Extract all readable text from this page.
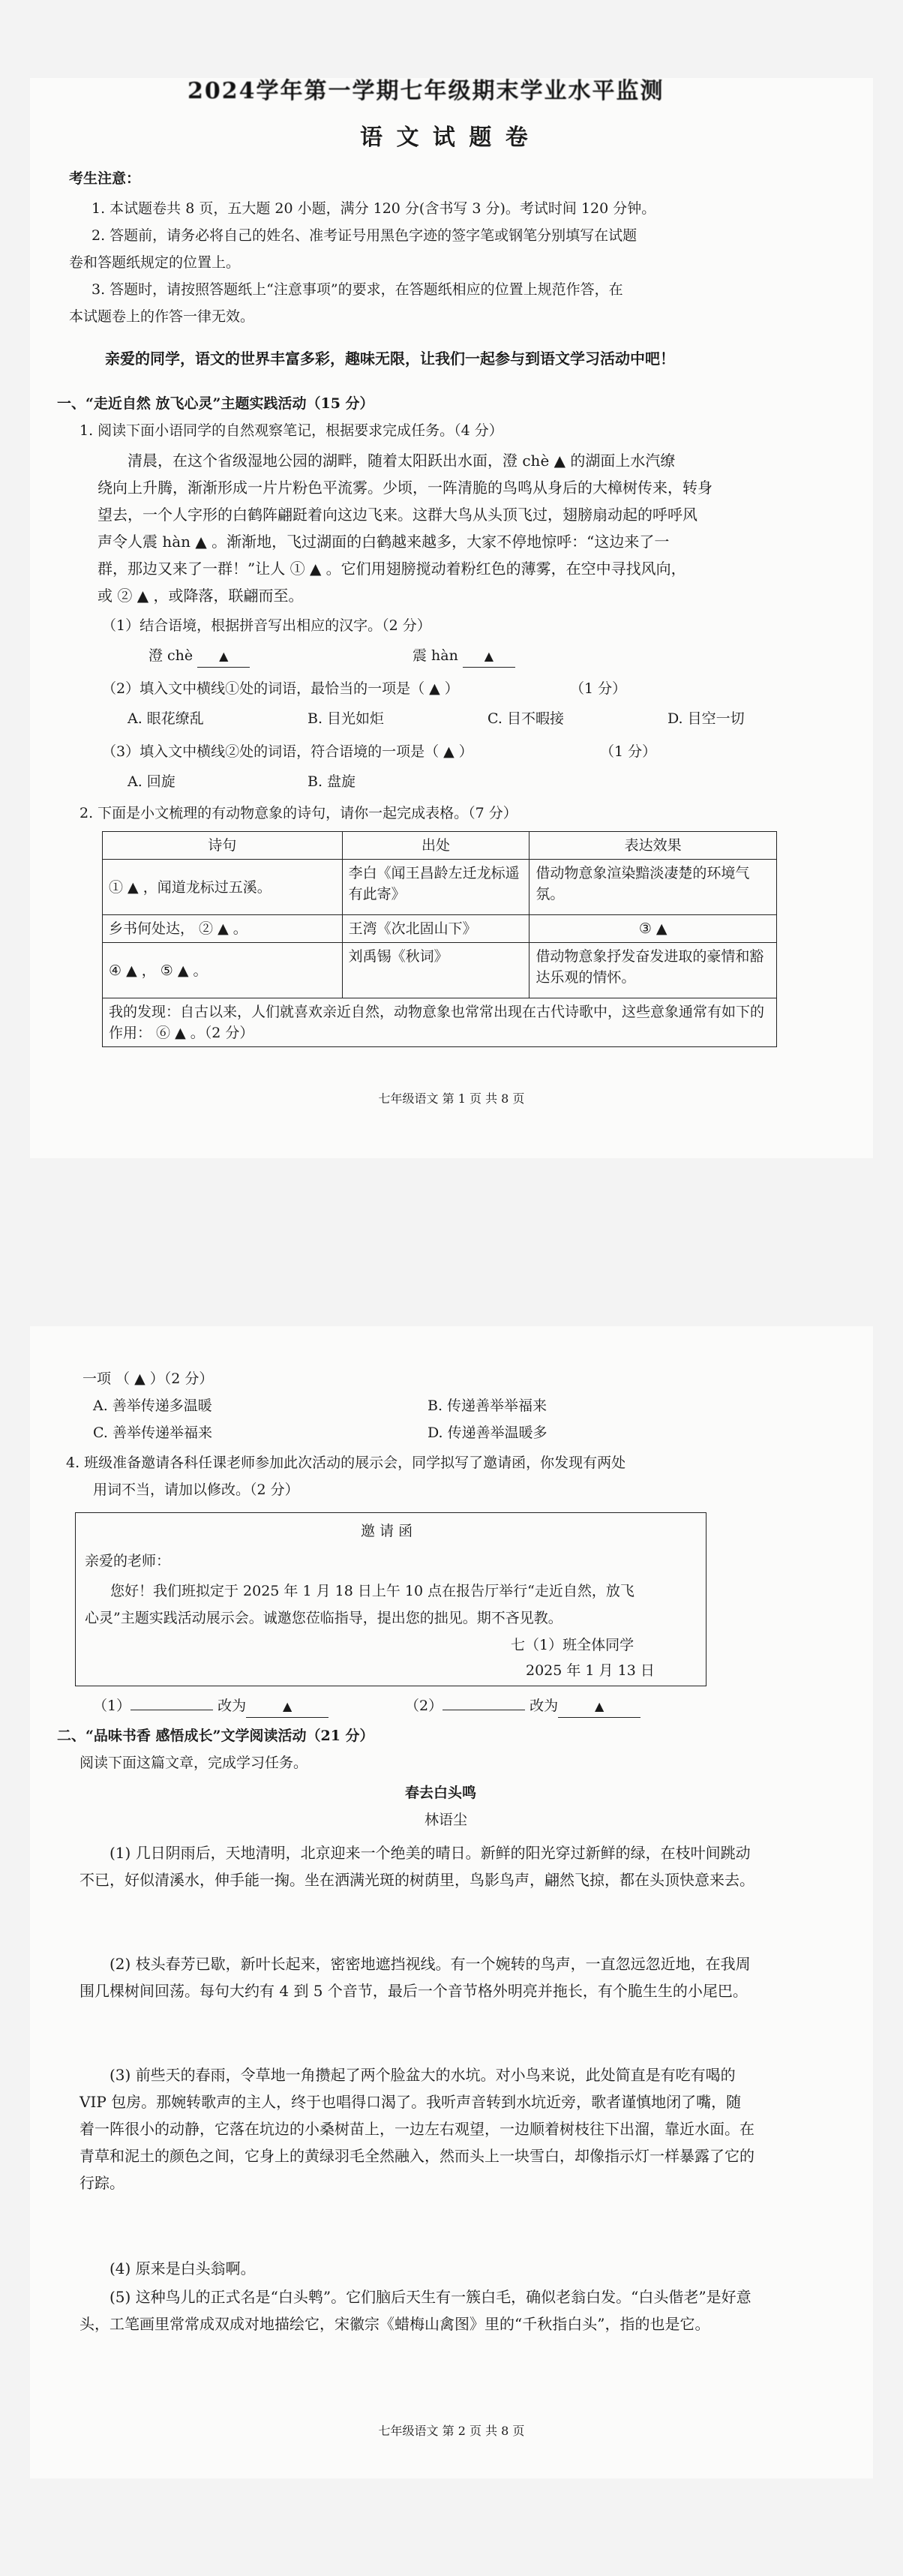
2024学年第一学期七年级期末学业水平监测
语 文 试 题 卷
考生注意：
1. 本试题卷共 8 页，五大题 20 小题，满分 120 分(含书写 3 分)。考试时间 120 分钟。
2. 答题前，请务必将自己的姓名、准考证号用黑色字迹的签字笔或钢笔分别填写在试题
卷和答题纸规定的位置上。
3. 答题时，请按照答题纸上“注意事项”的要求，在答题纸相应的位置上规范作答，在
本试题卷上的作答一律无效。
亲爱的同学，语文的世界丰富多彩，趣味无限，让我们一起参与到语文学习活动中吧！
一、“走近自然 放飞心灵”主题实践活动（15 分）
1. 阅读下面小语同学的自然观察笔记，根据要求完成任务。（4 分）
清晨，在这个省级湿地公园的湖畔，随着太阳跃出水面，澄 chè ▲ 的湖面上水汽缭
绕向上升腾，渐渐形成一片片粉色平流雾。少顷，一阵清脆的鸟鸣从身后的大樟树传来，转身
望去，一个人字形的白鹤阵翩跹着向这边飞来。这群大鸟从头顶飞过，翅膀扇动起的呼呼风
声令人震 hàn ▲ 。渐渐地，飞过湖面的白鹤越来越多，大家不停地惊呼：“这边来了一
群，那边又来了一群！”让人 ① ▲ 。它们用翅膀搅动着粉红色的薄雾，在空中寻找风向，
或 ② ▲ ，或降落，联翩而至。
（1）结合语境，根据拼音写出相应的汉字。（2 分）
澄 chè ▲	震 hàn ▲
（2）填入文中横线①处的词语，最恰当的一项是（ ▲ ）	（1 分）
A. 眼花缭乱	B. 目光如炬	C. 目不暇接	D. 目空一切
（3）填入文中横线②处的词语，符合语境的一项是（ ▲ ）	（1 分）
A. 回旋	B. 盘旋
2. 下面是小文梳理的有动物意象的诗句，请你一起完成表格。（7 分）
诗句	出处	表达效果
① ▲ ，闻道龙标过五溪。	李白《闻王昌龄左迁龙标遥有此寄》	借动物意象渲染黯淡凄楚的环境气氛。
乡书何处达， ② ▲ 。	王湾《次北固山下》	③ ▲
④ ▲ ， ⑤ ▲ 。	刘禹锡《秋词》	借动物意象抒发奋发进取的豪情和豁达乐观的情怀。
我的发现：自古以来，人们就喜欢亲近自然，动物意象也常常出现在古代诗歌中，这些意象通常有如下的作用： ⑥ ▲ 。（2 分）		
七年级语文 第 1 页 共 8 页
一项 （ ▲ ）（2 分）
A. 善举传递多温暖	B. 传递善举举福来
C. 善举传递举福来	D. 传递善举温暖多
4. 班级准备邀请各科任课老师参加此次活动的展示会，同学拟写了邀请函，你发现有两处
用词不当，请加以修改。（2 分）
邀 请 函
亲爱的老师：
您好！我们班拟定于 2025 年 1 月 18 日上午 10 点在报告厅举行“走近自然，放飞
心灵”主题实践活动展示会。诚邀您莅临指导，提出您的拙见。期不吝见教。
七（1）班全体同学
2025 年 1 月 13 日
（1）	改为	▲	（2）	改为	▲
二、“品味书香 感悟成长”文学阅读活动（21 分）
阅读下面这篇文章，完成学习任务。
春去白头鸣
林语尘
(1) 几日阴雨后，天地清明，北京迎来一个绝美的晴日。新鲜的阳光穿过新鲜的绿，在枝叶间跳动不已，好似清溪水，伸手能一掬。坐在洒满光斑的树荫里，鸟影鸟声，翩然飞掠，都在头顶快意来去。
(2) 枝头春芳已歇，新叶长起来，密密地遮挡视线。有一个婉转的鸟声，一直忽远忽近地，在我周围几棵树间回荡。每句大约有 4 到 5 个音节，最后一个音节格外明亮并拖长，有个脆生生的小尾巴。
(3) 前些天的春雨，令草地一角攒起了两个脸盆大的水坑。对小鸟来说，此处简直是有吃有喝的 VIP 包房。那婉转歌声的主人，终于也唱得口渴了。我听声音转到水坑近旁，歌者谨慎地闭了嘴，随着一阵很小的动静，它落在坑边的小桑树苗上，一边左右观望，一边顺着树枝往下出溜，靠近水面。在青草和泥土的颜色之间，它身上的黄绿羽毛全然融入，然而头上一块雪白，却像指示灯一样暴露了它的行踪。
(4) 原来是白头翁啊。
(5) 这种鸟儿的正式名是“白头鹎”。它们脑后天生有一簇白毛，确似老翁白发。“白头偕老”是好意头，工笔画里常常成双成对地描绘它，宋徽宗《蜡梅山禽图》里的“千秋指白头”，指的也是它。
七年级语文 第 2 页 共 8 页
